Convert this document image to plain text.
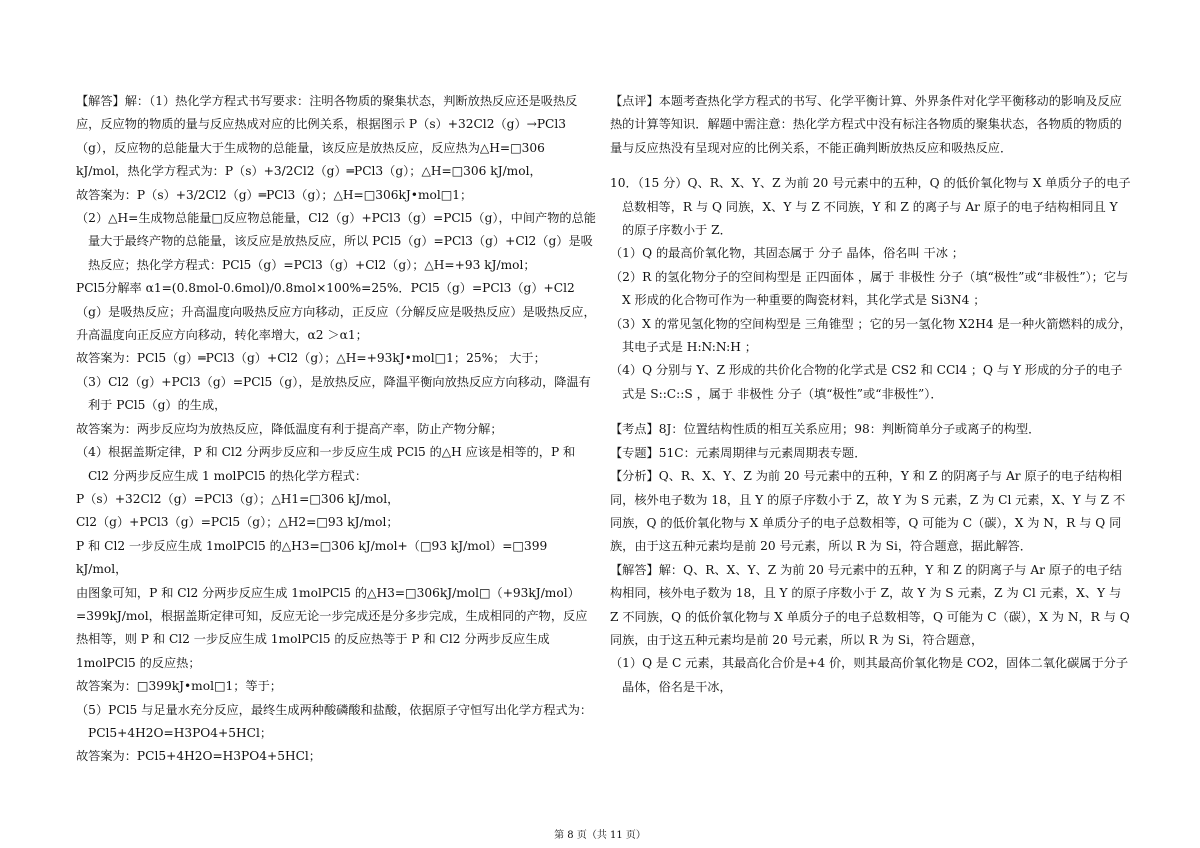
【解答】解：（1）热化学方程式书写要求：注明各物质的聚集状态，判断放热反应还是吸热反应，反应物的物质的量与反应热成对应的比例关系，根据图示 P（s）+32Cl2（g）→PCl3（g），反应物的总能量大于生成物的总能量，该反应是放热反应，反应热为△H=□306 kJ/mol，热化学方程式为：P（s）+3/2Cl2（g）═PCl3（g）；△H=□306 kJ/mol，
故答案为：P（s）+3/2Cl2（g）═PCl3（g）；△H=□306kJ•mol□1；
（2）△H=生成物总能量□反应物总能量，Cl2（g）+PCl3（g）=PCl5（g），中间产物的总能量大于最终产物的总能量，该反应是放热反应，所以 PCl5（g）=PCl3（g）+Cl2（g）是吸热反应；热化学方程式：PCl5（g）=PCl3（g）+Cl2（g）；△H=+93 kJ/mol；
PCl5分解率 α1=(0.8mol-0.6mol)/0.8mol×100%=25%．PCl5（g）=PCl3（g）+Cl2（g）是吸热反应；升高温度向吸热反应方向移动，正反应（分解反应是吸热反应）是吸热反应，升高温度向正反应方向移动，转化率增大，α2 ＞α1；
故答案为：PCl5（g）═PCl3（g）+Cl2（g）；△H=+93kJ•mol□1；25%； 大于；
（3）Cl2（g）+PCl3（g）=PCl5（g），是放热反应，降温平衡向放热反应方向移动，降温有利于 PCl5（g）的生成，
故答案为：两步反应均为放热反应，降低温度有利于提高产率，防止产物分解；
（4）根据盖斯定律，P 和 Cl2 分两步反应和一步反应生成 PCl5 的△H 应该是相等的，P 和 Cl2 分两步反应生成 1 molPCl5 的热化学方程式：
P（s）+32Cl2（g）=PCl3（g）；△H1=□306 kJ/mol，
Cl2（g）+PCl3（g）=PCl5（g）；△H2=□93 kJ/mol；
P 和 Cl2 一步反应生成 1molPCl5 的△H3=□306 kJ/mol+（□93 kJ/mol）=□399 kJ/mol，
由图象可知，P 和 Cl2 分两步反应生成 1molPCl5 的△H3=□306kJ/mol□（+93kJ/mol）=399kJ/mol，根据盖斯定律可知，反应无论一步完成还是分多步完成，生成相同的产物，反应热相等，则 P 和 Cl2 一步反应生成 1molPCl5 的反应热等于 P 和 Cl2 分两步反应生成 1molPCl5 的反应热；
故答案为：□399kJ•mol□1；等于；
（5）PCl5 与足量水充分反应，最终生成两种酸磷酸和盐酸，依据原子守恒写出化学方程式为：PCl5+4H2O=H3PO4+5HCl；
故答案为：PCl5+4H2O=H3PO4+5HCl；
【点评】本题考查热化学方程式的书写、化学平衡计算、外界条件对化学平衡移动的影响及反应热的计算等知识．解题中需注意：热化学方程式中没有标注各物质的聚集状态，各物质的物质的量与反应热没有呈现对应的比例关系，不能正确判断放热反应和吸热反应．
10．（15 分）Q、R、X、Y、Z 为前 20 号元素中的五种，Q 的低价氧化物与 X 单质分子的电子总数相等，R 与 Q 同族，X、Y 与 Z 不同族，Y 和 Z 的离子与 Ar 原子的电子结构相同且 Y 的原子序数小于 Z．
（1）Q 的最高价氧化物，其固态属于 分子 晶体，俗名叫 干冰 ；
（2）R 的氢化物分子的空间构型是 正四面体 ，属于 非极性 分子（填“极性”或“非极性”）；它与 X 形成的化合物可作为一种重要的陶瓷材料，其化学式是 Si3N4 ；
（3）X 的常见氢化物的空间构型是 三角锥型 ；它的另一氢化物 X2H4 是一种火箭燃料的成分，其电子式是 H:N:N:H ；
（4）Q 分别与 Y、Z 形成的共价化合物的化学式是 CS2 和 CCl4 ；Q 与 Y 形成的分子的电子式是 S::C::S ，属于 非极性 分子（填“极性”或“非极性”）．
【考点】8J：位置结构性质的相互关系应用；98：判断简单分子或离子的构型．
【专题】51C：元素周期律与元素周期表专题．
【分析】Q、R、X、Y、Z 为前 20 号元素中的五种，Y 和 Z 的阴离子与 Ar 原子的电子结构相同，核外电子数为 18，且 Y 的原子序数小于 Z，故 Y 为 S 元素，Z 为 Cl 元素，X、Y 与 Z 不同族，Q 的低价氧化物与 X 单质分子的电子总数相等，Q 可能为 C（碳），X 为 N，R 与 Q 同族，由于这五种元素均是前 20 号元素，所以 R 为 Si，符合题意，据此解答．
【解答】解：Q、R、X、Y、Z 为前 20 号元素中的五种，Y 和 Z 的阴离子与 Ar 原子的电子结构相同，核外电子数为 18，且 Y 的原子序数小于 Z，故 Y 为 S 元素，Z 为 Cl 元素，X、Y 与 Z 不同族，Q 的低价氧化物与 X 单质分子的电子总数相等，Q 可能为 C（碳），X 为 N，R 与 Q 同族，由于这五种元素均是前 20 号元素，所以 R 为 Si，符合题意，
（1）Q 是 C 元素，其最高化合价是+4 价，则其最高价氧化物是 CO2，固体二氧化碳属于分子晶体，俗名是干冰，
第 8 页（共 11 页）
